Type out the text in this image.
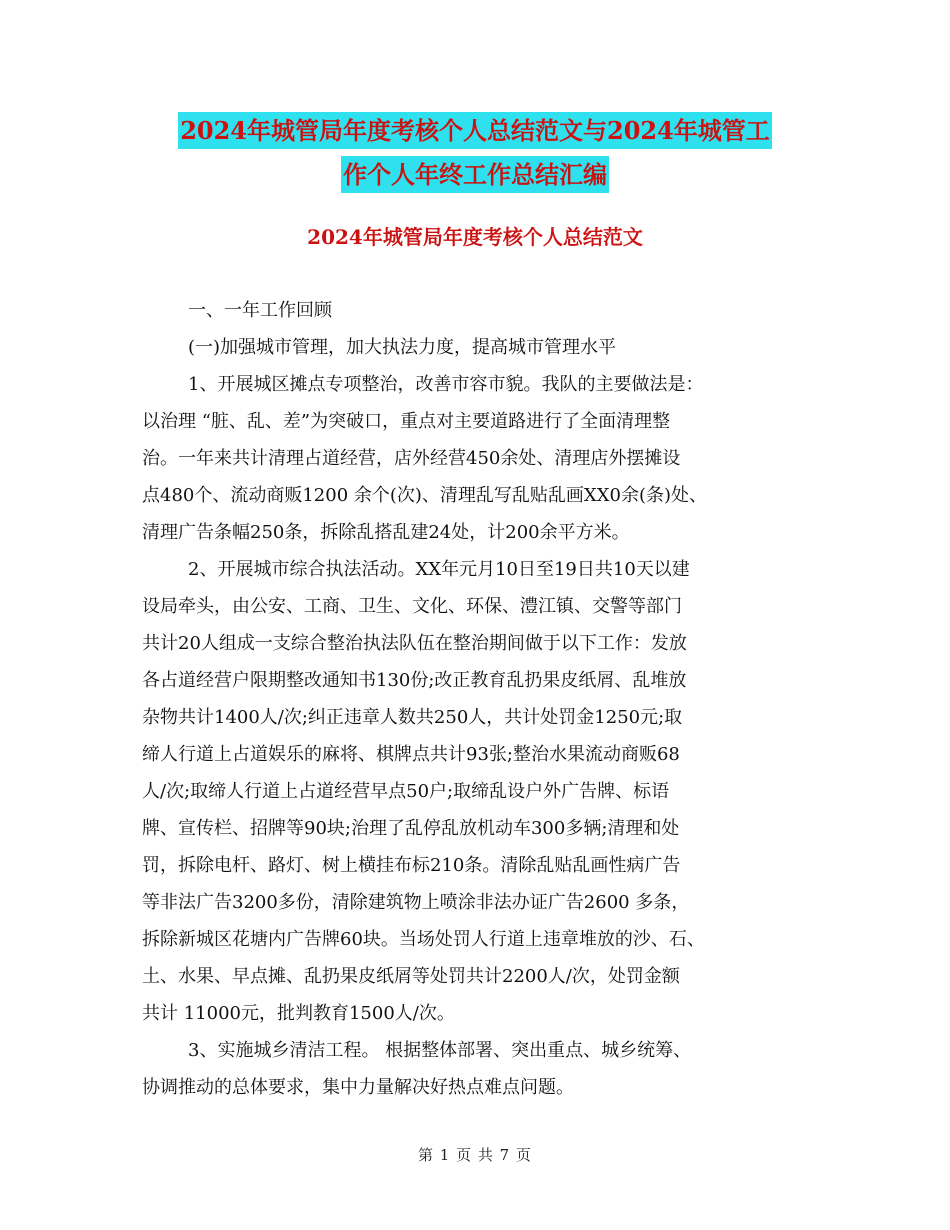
2024年城管局年度考核个人总结范文与2024年城管工
作个人年终工作总结汇编
2024年城管局年度考核个人总结范文
一、一年工作回顾
(一)加强城市管理，加大执法力度，提高城市管理水平
1、开展城区摊点专项整治，改善市容市貌。我队的主要做法是：
以治理 “脏、乱、差”为突破口，重点对主要道路进行了全面清理整
治。一年来共计清理占道经营，店外经营450余处、清理店外摆摊设
点480个、流动商贩1200 余个(次)、清理乱写乱贴乱画XX0余(条)处、
清理广告条幅250条，拆除乱搭乱建24处，计200余平方米。
2、开展城市综合执法活动。XX年元月10日至19日共10天以建
设局牵头，由公安、工商、卫生、文化、环保、澧江镇、交警等部门
共计20人组成一支综合整治执法队伍在整治期间做于以下工作：发放
各占道经营户限期整改通知书130份;改正教育乱扔果皮纸屑、乱堆放
杂物共计1400人/次;纠正违章人数共250人，共计处罚金1250元;取
缔人行道上占道娱乐的麻将、棋牌点共计93张;整治水果流动商贩68
人/次;取缔人行道上占道经营早点50户;取缔乱设户外广告牌、标语
牌、宣传栏、招牌等90块;治理了乱停乱放机动车300多辆;清理和处
罚，拆除电杆、路灯、树上横挂布标210条。清除乱贴乱画性病广告
等非法广告3200多份，清除建筑物上喷涂非法办证广告2600 多条，
拆除新城区花塘内广告牌60块。当场处罚人行道上违章堆放的沙、石、
土、水果、早点摊、乱扔果皮纸屑等处罚共计2200人/次，处罚金额
共计 11000元，批判教育1500人/次。
3、实施城乡清洁工程。 根据整体部署、突出重点、城乡统筹、
协调推动的总体要求，集中力量解决好热点难点问题。
第 1 页 共 7 页
